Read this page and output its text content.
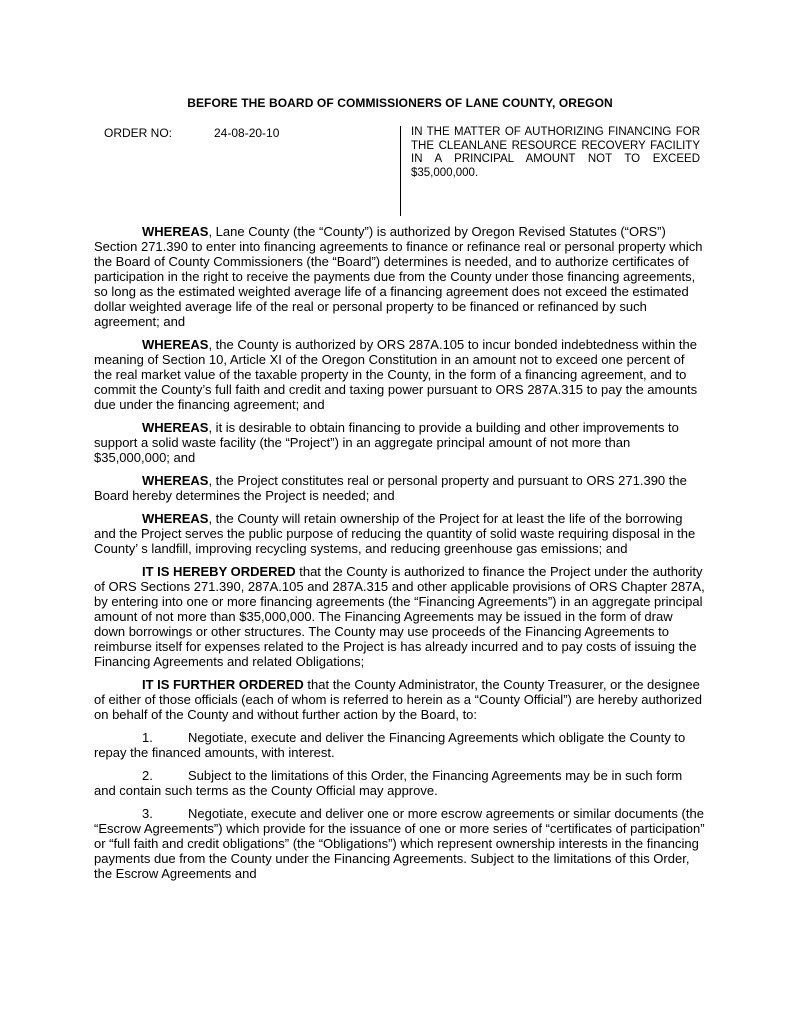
BEFORE THE BOARD OF COMMISSIONERS OF LANE COUNTY, OREGON
ORDER NO:	24-08-20-10	IN THE MATTER OF AUTHORIZING FINANCING FOR THE CLEANLANE RESOURCE RECOVERY FACILITY IN A PRINCIPAL AMOUNT NOT TO EXCEED $35,000,000.

WHEREAS, Lane County (the “County”) is authorized by Oregon Revised Statutes (“ORS”) Section 271.390 to enter into financing agreements to finance or refinance real or personal property which the Board of County Commissioners (the “Board”) determines is needed, and to authorize certificates of participation in the right to receive the payments due from the County under those financing agreements, so long as the estimated weighted average life of a financing agreement does not exceed the estimated dollar weighted average life of the real or personal property to be financed or refinanced by such agreement; and

WHEREAS, the County is authorized by ORS 287A.105 to incur bonded indebtedness within the meaning of Section 10, Article XI of the Oregon Constitution in an amount not to exceed one percent of the real market value of the taxable property in the County, in the form of a financing agreement, and to commit the County’s full faith and credit and taxing power pursuant to ORS 287A.315 to pay the amounts due under the financing agreement; and

WHEREAS, it is desirable to obtain financing to provide a building and other improvements to support a solid waste facility (the “Project”) in an aggregate principal amount of not more than $35,000,000; and

WHEREAS, the Project constitutes real or personal property and pursuant to ORS 271.390 the Board hereby determines the Project is needed; and

WHEREAS, the County will retain ownership of the Project for at least the life of the borrowing and the Project serves the public purpose of reducing the quantity of solid waste requiring disposal in the County’ s landfill, improving recycling systems, and reducing greenhouse gas emissions; and

IT IS HEREBY ORDERED that the County is authorized to finance the Project under the authority of ORS Sections 271.390, 287A.105 and 287A.315 and other applicable provisions of ORS Chapter 287A, by entering into one or more financing agreements (the “Financing Agreements”) in an aggregate principal amount of not more than $35,000,000. The Financing Agreements may be issued in the form of draw down borrowings or other structures. The County may use proceeds of the Financing Agreements to reimburse itself for expenses related to the Project is has already incurred and to pay costs of issuing the Financing Agreements and related Obligations;

IT IS FURTHER ORDERED that the County Administrator, the County Treasurer, or the designee of either of those officials (each of whom is referred to herein as a “County Official”) are hereby authorized on behalf of the County and without further action by the Board, to:

1.	Negotiate, execute and deliver the Financing Agreements which obligate the County to repay the financed amounts, with interest.

2.	Subject to the limitations of this Order, the Financing Agreements may be in such form and contain such terms as the County Official may approve.

3.	Negotiate, execute and deliver one or more escrow agreements or similar documents (the “Escrow Agreements”) which provide for the issuance of one or more series of “certificates of participation” or “full faith and credit obligations” (the “Obligations”) which represent ownership interests in the financing payments due from the County under the Financing Agreements. Subject to the limitations of this Order, the Escrow Agreements and
